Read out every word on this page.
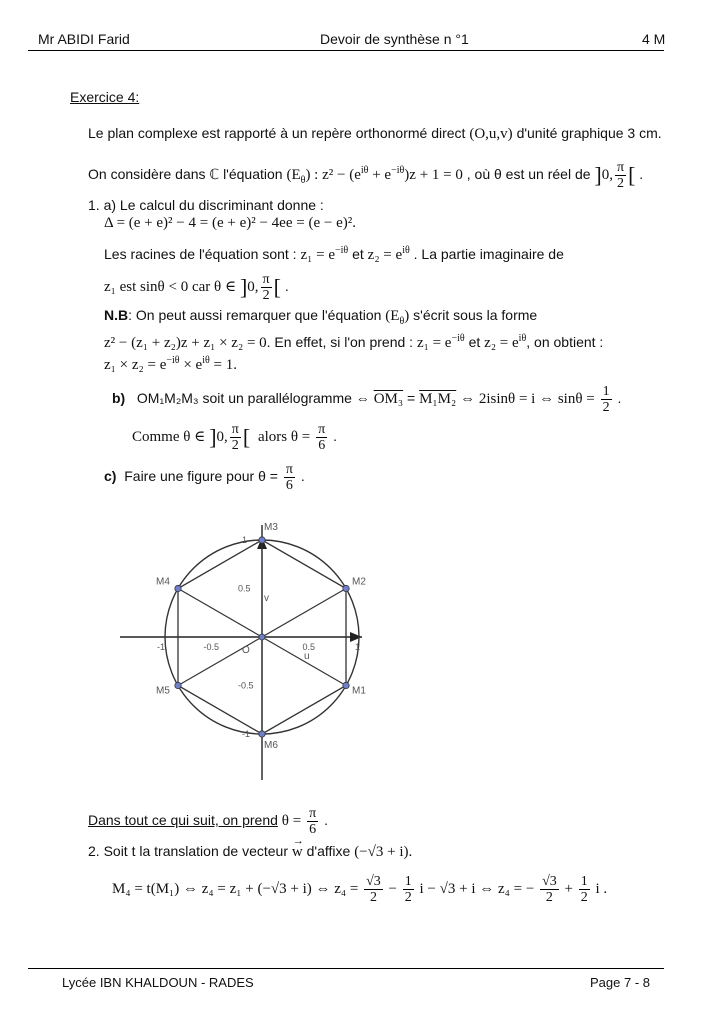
Mr ABIDI Farid	Devoir de synthèse n °1	4 M
Exercice 4:
Le plan complexe est rapporté à un repère orthonormé direct (O,u,v) d'unité graphique 3 cm.
On considère dans ℂ l'équation $(E_\theta)$ : $z^2 - (e^{i\theta} + e^{-i\theta})z + 1 = 0$ , où θ est un réel de ]0, $\frac{\pi}{2}$ [ .
1. a) Le calcul du discriminant donne :
Δ = (e + e)² − 4 = (e + e)² − 4ee = (e − e)².
Les racines de l'équation sont : $z_1 = e^{-i\theta}$ et $z_2 = e^{i\theta}$ . La partie imaginaire de
z₁ est sinθ < 0 car θ ∈ ]0, $\frac{\pi}{2}$ [ .
N.B: On peut aussi remarquer que l'équation $(E_\theta)$ s'écrit sous la forme
z² − (z₁ + z₂)z + z₁ × z₂ = 0. En effet, si l'on prend : $z_1 = e^{-i\theta}$ et $z_2 = e^{i\theta}$, on obtient :
$z_1 \times z_2 = e^{-i\theta} \times e^{i\theta} = 1$.
b) OM₁M₂M₃ soit un parallélogramme ⇔ OM₃ = M₁M₂ ⇔ 2isinθ = i ⇔ $\sin\theta = \frac{1}{2}$ .
Comme θ ∈ ]0, $\frac{\pi}{2}$ [ alors $\theta = \frac{\pi}{6}$ .
c) Faire une figure pour $\theta = \frac{\pi}{6}$ .
M1
M2
M3
M4
M5
M6
-1	-0.5	0.5	1
0.5
-0.5
1
-1
O
u
v
Dans tout ce qui suit, on prend $\theta = \frac{\pi}{6}$ .
2. Soit t la translation de vecteur
→
w d'affixe (−√3 + i).
M₄ = t(M₁) ⇔ z₄ = z₁ + (−√3 + i) ⇔ $z_4 = \frac{√3}{2} - \frac{1}{2}$ i − √3 + i ⇔ z₄ = − $\frac{√3}{2} + \frac{1}{2}$ i .
Lycée IBN KHALDOUN - RADES	Page 7 - 8
